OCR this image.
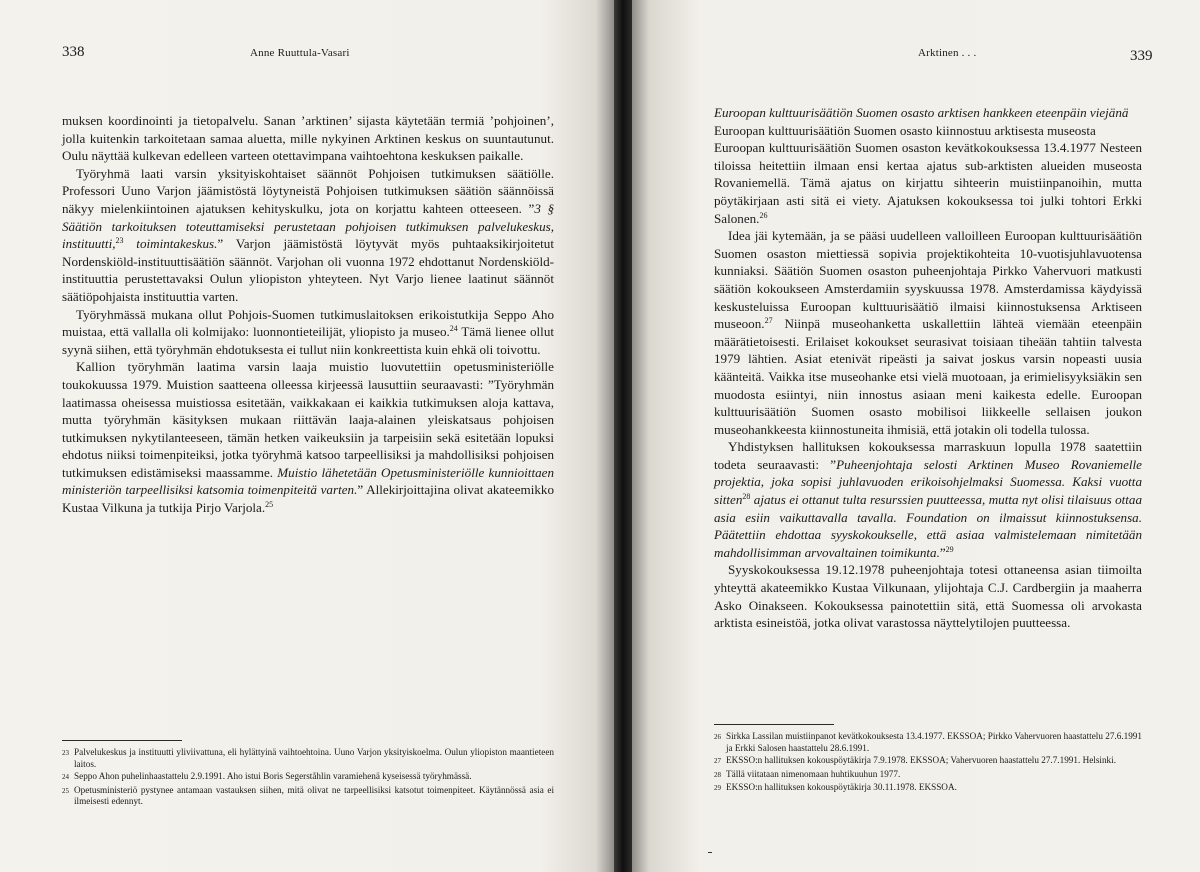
338	Anne Ruuttula-Vasari

muksen koordinointi ja tietopalvelu. Sanan ’arktinen’ sijasta käytetään termiä ’pohjoinen’, jolla kuitenkin tarkoitetaan samaa aluetta, mille nykyinen Arktinen keskus on suuntautunut. Oulu näyttää kulkevan edelleen varteen otettavimpana vaihtoehtona keskuksen paikalle.

Työryhmä laati varsin yksityiskohtaiset säännöt Pohjoisen tutkimuksen säätiölle. Professori Uuno Varjon jäämistöstä löytyneistä Pohjoisen tutkimuksen säätiön säännöissä näkyy mielenkiintoinen ajatuksen kehityskulku, jota on korjattu kahteen otteeseen. ”3 § Säätiön tarkoituksen toteuttamiseksi perustetaan pohjoisen tutkimuksen palvelukeskus, instituutti,$^{23}$ toimintakeskus.” Varjon jäämistöstä löytyvät myös puhtaaksikirjoitetut Nordenskiöld-instituuttisäätiön säännöt. Varjohan oli vuonna 1972 ehdottanut Nordenskiöld-instituuttia perustettavaksi Oulun yliopiston yhteyteen. Nyt Varjo lienee laatinut säännöt säätiöpohjaista instituuttia varten.

Työryhmässä mukana ollut Pohjois-Suomen tutkimuslaitoksen erikoistutkija Seppo Aho muistaa, että vallalla oli kolmijako: luonnontieteilijät, yliopisto ja museo.$^{24}$ Tämä lienee ollut syynä siihen, että työryhmän ehdotuksesta ei tullut niin konkreettista kuin ehkä oli toivottu.

Kallion työryhmän laatima varsin laaja muistio luovutettiin opetusministeriölle toukokuussa 1979. Muistion saatteena olleessa kirjeessä lausuttiin seuraavasti: ”Työryhmän laatimassa oheisessa muistiossa esitetään, vaikkakaan ei kaikkia tutkimuksen aloja kattava, mutta työryhmän käsityksen mukaan riittävän laaja-alainen yleiskatsaus pohjoisen tutkimuksen nykytilanteeseen, tämän hetken vaikeuksiin ja tarpeisiin sekä esitetään lopuksi ehdotus niiksi toimenpiteiksi, jotka työryhmä katsoo tarpeellisiksi ja mahdollisiksi pohjoisen tutkimuksen edistämiseksi maassamme. Muistio lähetetään Opetusministeriölle kunnioittaen ministeriön tarpeellisiksi katsomia toimenpiteitä varten.” Allekirjoittajina olivat akateemikko Kustaa Vilkuna ja tutkija Pirjo Varjola.$^{25}$

23 Palvelukeskus ja instituutti yliviivattuna, eli hylättyinä vaihtoehtoina. Uuno Varjon yksityiskoelma. Oulun yliopiston maantieteen laitos.
24 Seppo Ahon puhelinhaastattelu 2.9.1991. Aho istui Boris Segerståhlin varamiehenä kyseisessä työryhmässä.
25 Opetusministeriö pystynee antamaan vastauksen siihen, mitä olivat ne tarpeellisiksi katsotut toimenpiteet. Käytännössä asia ei ilmeisesti edennyt.
Arktinen . . .	339

Euroopan kulttuurisäätiön Suomen osasto arktisen hankkeen eteenpäin viejänä

Euroopan kulttuurisäätiön Suomen osasto kiinnostuu arktisesta museosta

Euroopan kulttuurisäätiön Suomen osaston kevätkokouksessa 13.4.1977 Nesteen tiloissa heitettiin ilmaan ensi kertaa ajatus sub-arktisten alueiden museosta Rovaniemellä. Tämä ajatus on kirjattu sihteerin muistiinpanoihin, mutta pöytäkirjaan asti sitä ei viety. Ajatuksen kokouksessa toi julki tohtori Erkki Salonen.$^{26}$

Idea jäi kytemään, ja se pääsi uudelleen valloilleen Euroopan kulttuurisäätiön Suomen osaston miettiessä sopivia projektikohteita 10-vuotisjuhlavuotensa kunniaksi. Säätiön Suomen osaston puheenjohtaja Pirkko Vahervuori matkusti säätiön kokoukseen Amsterdamiin syyskuussa 1978. Amsterdamissa käydyissä keskusteluissa Euroopan kulttuurisäätiö ilmaisi kiinnostuksensa Arktiseen museoon.$^{27}$ Niinpä museohanketta uskallettiin lähteä viemään eteenpäin määrätietoisesti. Erilaiset kokoukset seurasivat toisiaan tiheään tahtiin talvesta 1979 lähtien. Asiat etenivät ripeästi ja saivat joskus varsin nopeasti uusia käänteitä. Vaikka itse museohanke etsi vielä muotoaan, ja erimielisyyksiäkin sen muodosta esiintyi, niin innostus asiaan meni kaikesta edelle. Euroopan kulttuurisäätiön Suomen osasto mobilisoi liikkeelle sellaisen joukon museohankkeesta kiinnostuneita ihmisiä, että jotakin oli todella tulossa.

Yhdistyksen hallituksen kokouksessa marraskuun lopulla 1978 saatettiin todeta seuraavasti: ”Puheenjohtaja selosti Arktinen Museo Rovaniemelle projektia, joka sopisi juhlavuoden erikoisohjelmaksi Suomessa. Kaksi vuotta sitten$^{28}$ ajatus ei ottanut tulta resurssien puutteessa, mutta nyt olisi tilaisuus ottaa asia esiin vaikuttavalla tavalla. Foundation on ilmaissut kiinnostuksensa. Päätettiin ehdottaa syyskokoukselle, että asiaa valmistelemaan nimitetään mahdollisimman arvovaltainen toimikunta.”$^{29}$

Syyskokouksessa 19.12.1978 puheenjohtaja totesi ottaneensa asian tiimoilta yhteyttä akateemikko Kustaa Vilkunaan, ylijohtaja C.J. Cardbergiin ja maaherra Asko Oinakseen. Kokouksessa painotettiin sitä, että Suomessa oli arvokasta arktista esineistöä, jotka olivat varastossa näyttelytilojen puutteessa.

26 Sirkka Lassilan muistiinpanot kevätkokouksesta 13.4.1977. EKSSOA; Pirkko Vahervuoren haastattelu 27.6.1991 ja Erkki Salosen haastattelu 28.6.1991.
27 EKSSO:n hallituksen kokouspöytäkirja 7.9.1978. EKSSOA; Vahervuoren haastattelu 27.7.1991. Helsinki.
28 Tällä viitataan nimenomaan huhtikuuhun 1977.
29 EKSSO:n hallituksen kokouspöytäkirja 30.11.1978. EKSSOA.
